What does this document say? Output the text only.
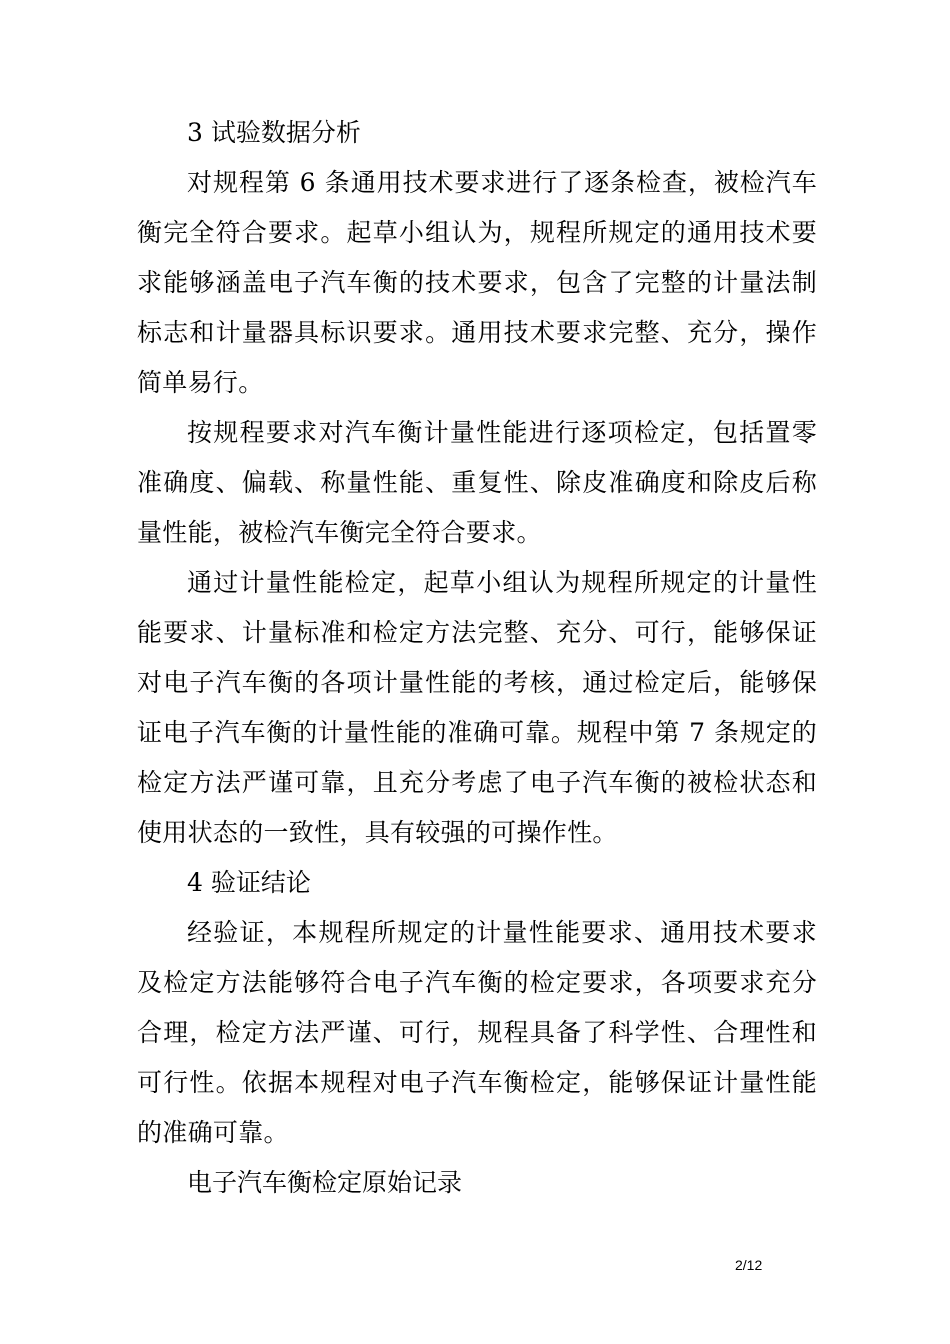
3 试验数据分析

对规程第 6 条通用技术要求进行了逐条检查，被检汽车衡完全符合要求。起草小组认为，规程所规定的通用技术要求能够涵盖电子汽车衡的技术要求，包含了完整的计量法制标志和计量器具标识要求。通用技术要求完整、充分，操作简单易行。

按规程要求对汽车衡计量性能进行逐项检定，包括置零准确度、偏载、称量性能、重复性、除皮准确度和除皮后称量性能，被检汽车衡完全符合要求。

通过计量性能检定，起草小组认为规程所规定的计量性能要求、计量标准和检定方法完整、充分、可行，能够保证对电子汽车衡的各项计量性能的考核，通过检定后，能够保证电子汽车衡的计量性能的准确可靠。规程中第 7 条规定的检定方法严谨可靠，且充分考虑了电子汽车衡的被检状态和使用状态的一致性，具有较强的可操作性。

4 验证结论

经验证，本规程所规定的计量性能要求、通用技术要求及检定方法能够符合电子汽车衡的检定要求，各项要求充分合理，检定方法严谨、可行，规程具备了科学性、合理性和可行性。依据本规程对电子汽车衡检定，能够保证计量性能的准确可靠。

电子汽车衡检定原始记录

2/12
